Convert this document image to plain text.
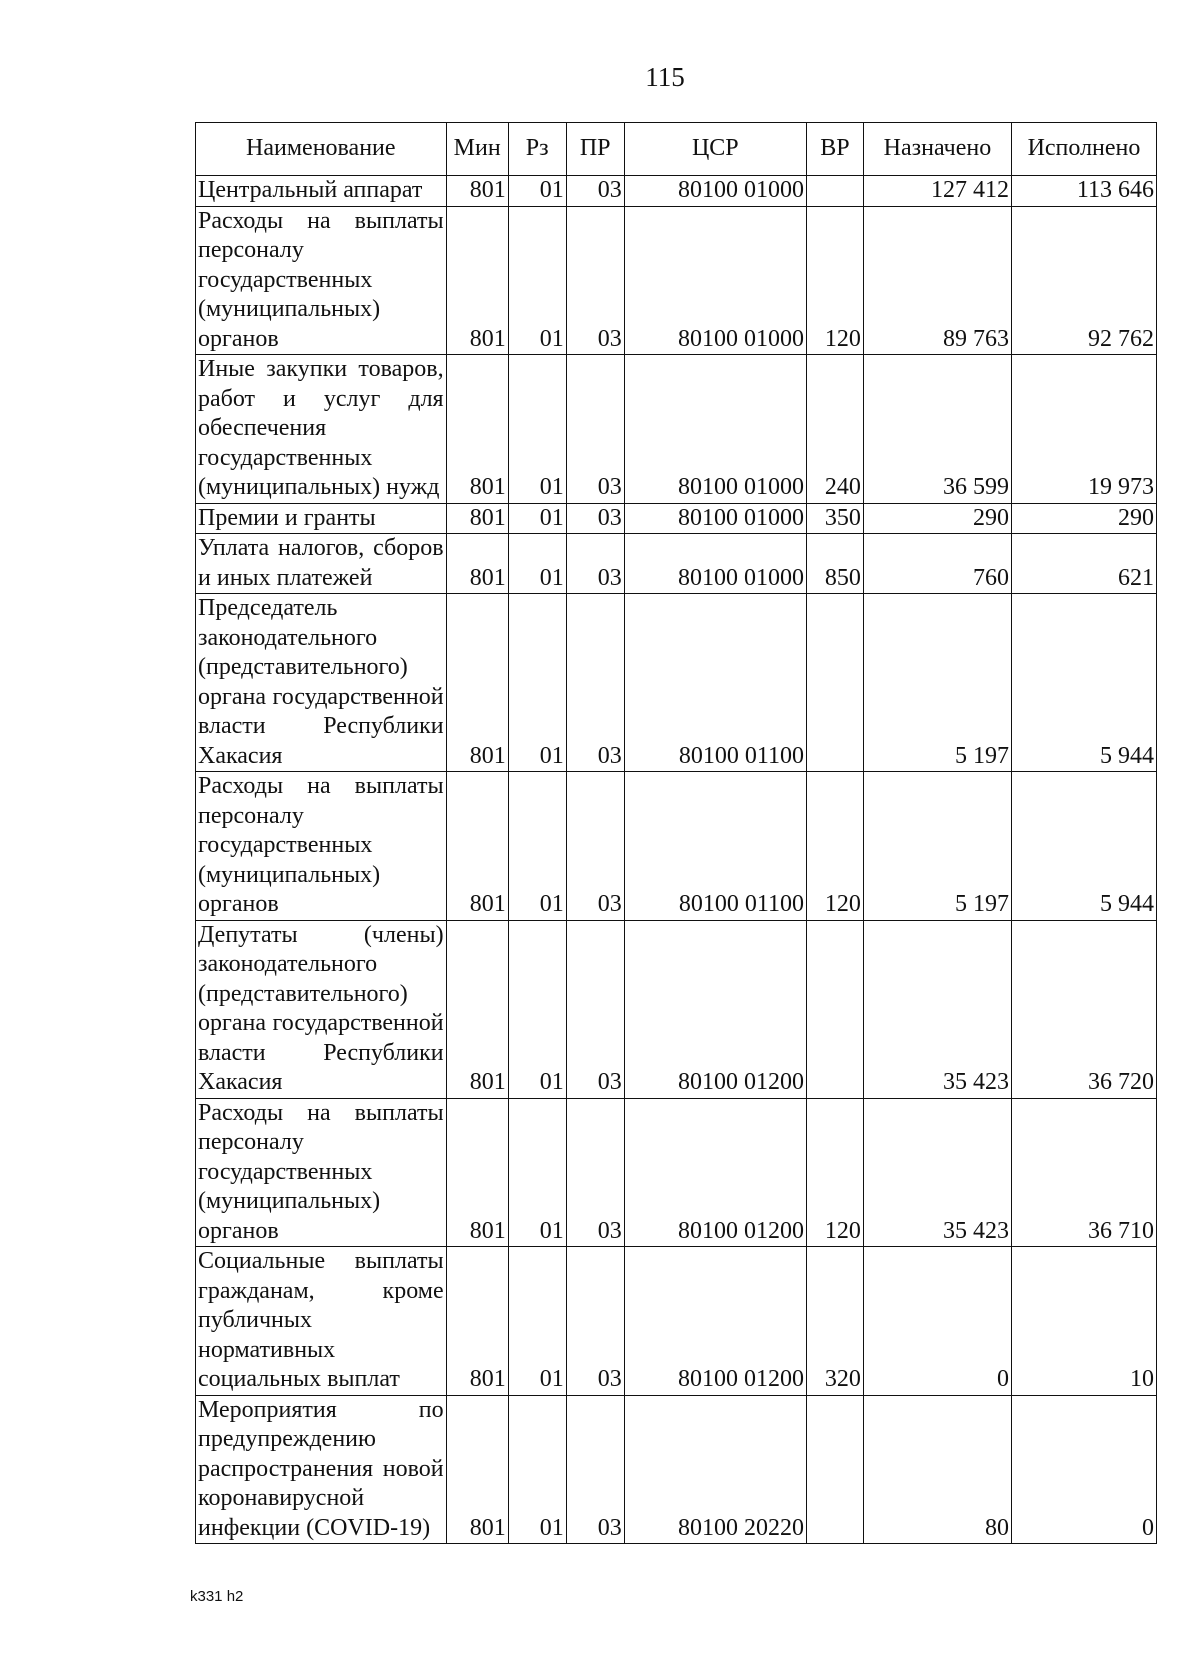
115
Наименование	Мин	Рз	ПР	ЦСР	ВР	Назначено	Исполнено
Центральный аппарат	801	01	03	80100 01000		127 412	113 646
Расходы на выплаты персоналу государственных (муниципальных) органов	801	01	03	80100 01000	120	89 763	92 762
Иные закупки товаров, работ и услуг для обеспечения государственных (муниципальных) нужд	801	01	03	80100 01000	240	36 599	19 973
Премии и гранты	801	01	03	80100 01000	350	290	290
Уплата налогов, сборов и иных платежей	801	01	03	80100 01000	850	760	621
Председатель законодательного (представительного) органа государственной власти Республики Хакасия	801	01	03	80100 01100		5 197	5 944
Расходы на выплаты персоналу государственных (муниципальных) органов	801	01	03	80100 01100	120	5 197	5 944
Депутаты (члены) законодательного (представительного) органа государственной власти Республики Хакасия	801	01	03	80100 01200		35 423	36 720
Расходы на выплаты персоналу государственных (муниципальных) органов	801	01	03	80100 01200	120	35 423	36 710
Социальные выплаты гражданам, кроме публичных нормативных социальных выплат	801	01	03	80100 01200	320	0	10
Мероприятия по предупреждению распространения новой коронавирусной инфекции (COVID-19)	801	01	03	80100 20220		80	0
k331 h2
